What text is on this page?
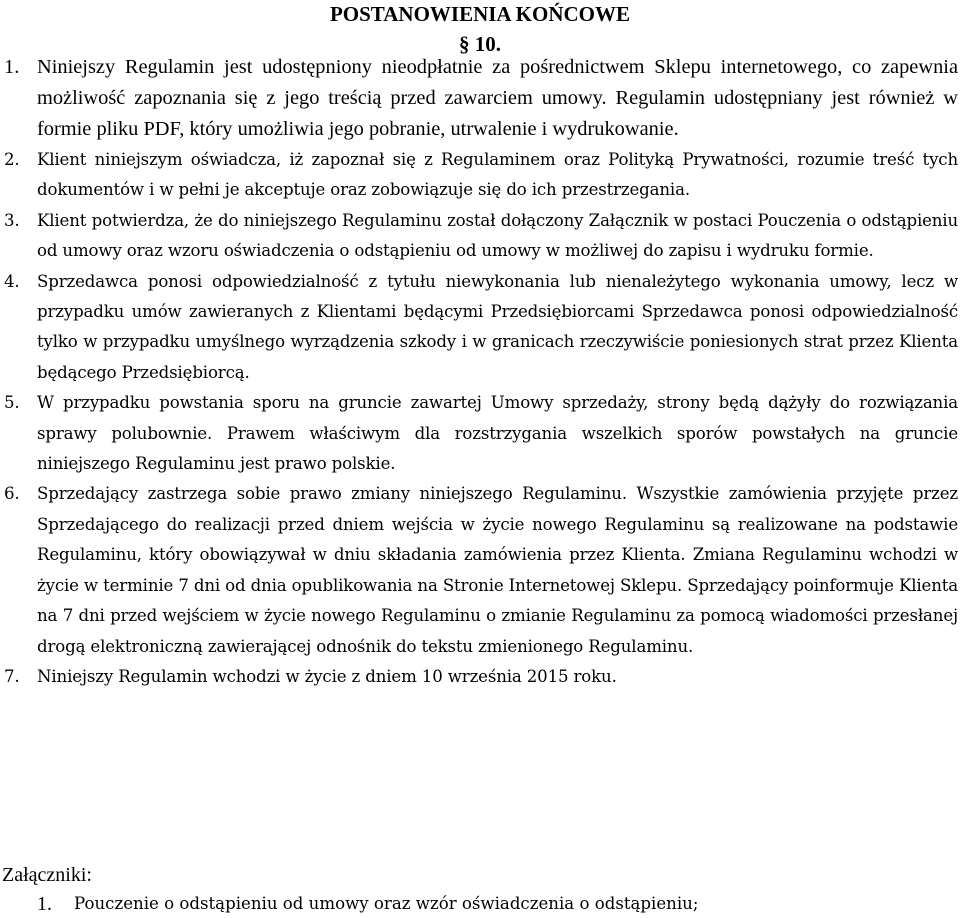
POSTANOWIENIA KOŃCOWE
§ 10.
1. Niniejszy Regulamin jest udostępniony nieodpłatnie za pośrednictwem Sklepu internetowego, co zapewnia możliwość zapoznania się z jego treścią przed zawarciem umowy. Regulamin udostępniany jest również w formie pliku PDF, który umożliwia jego pobranie, utrwalenie i wydrukowanie.
2. Klient niniejszym oświadcza, iż zapoznał się z Regulaminem oraz Polityką Prywatności, rozumie treść tych dokumentów i w pełni je akceptuje oraz zobowiązuje się do ich przestrzegania.
3. Klient potwierdza, że do niniejszego Regulaminu został dołączony Załącznik w postaci Pouczenia o odstąpieniu od umowy oraz wzoru oświadczenia o odstąpieniu od umowy w możliwej do zapisu i wydruku formie.
4. Sprzedawca ponosi odpowiedzialność z tytułu niewykonania lub nienależytego wykonania umowy, lecz w przypadku umów zawieranych z Klientami będącymi Przedsiębiorcami Sprzedawca ponosi odpowiedzialność tylko w przypadku umyślnego wyrządzenia szkody i w granicach rzeczywiście poniesionych strat przez Klienta będącego Przedsiębiorcą.
5. W przypadku powstania sporu na gruncie zawartej Umowy sprzedaży, strony będą dążyły do rozwiązania sprawy polubownie. Prawem właściwym dla rozstrzygania wszelkich sporów powstałych na gruncie niniejszego Regulaminu jest prawo polskie.
6. Sprzedający zastrzega sobie prawo zmiany niniejszego Regulaminu. Wszystkie zamówienia przyjęte przez Sprzedającego do realizacji przed dniem wejścia w życie nowego Regulaminu są realizowane na podstawie Regulaminu, który obowiązywał w dniu składania zamówienia przez Klienta. Zmiana Regulaminu wchodzi w życie w terminie 7 dni od dnia opublikowania na Stronie Internetowej Sklepu. Sprzedający poinformuje Klienta na 7 dni przed wejściem w życie nowego Regulaminu o zmianie Regulaminu za pomocą wiadomości przesłanej drogą elektroniczną zawierającej odnośnik do tekstu zmienionego Regulaminu.
7. Niniejszy Regulamin wchodzi w życie z dniem 10 września 2015 roku.
Załączniki:
1. Pouczenie o odstąpieniu od umowy oraz wzór oświadczenia o odstąpieniu;
